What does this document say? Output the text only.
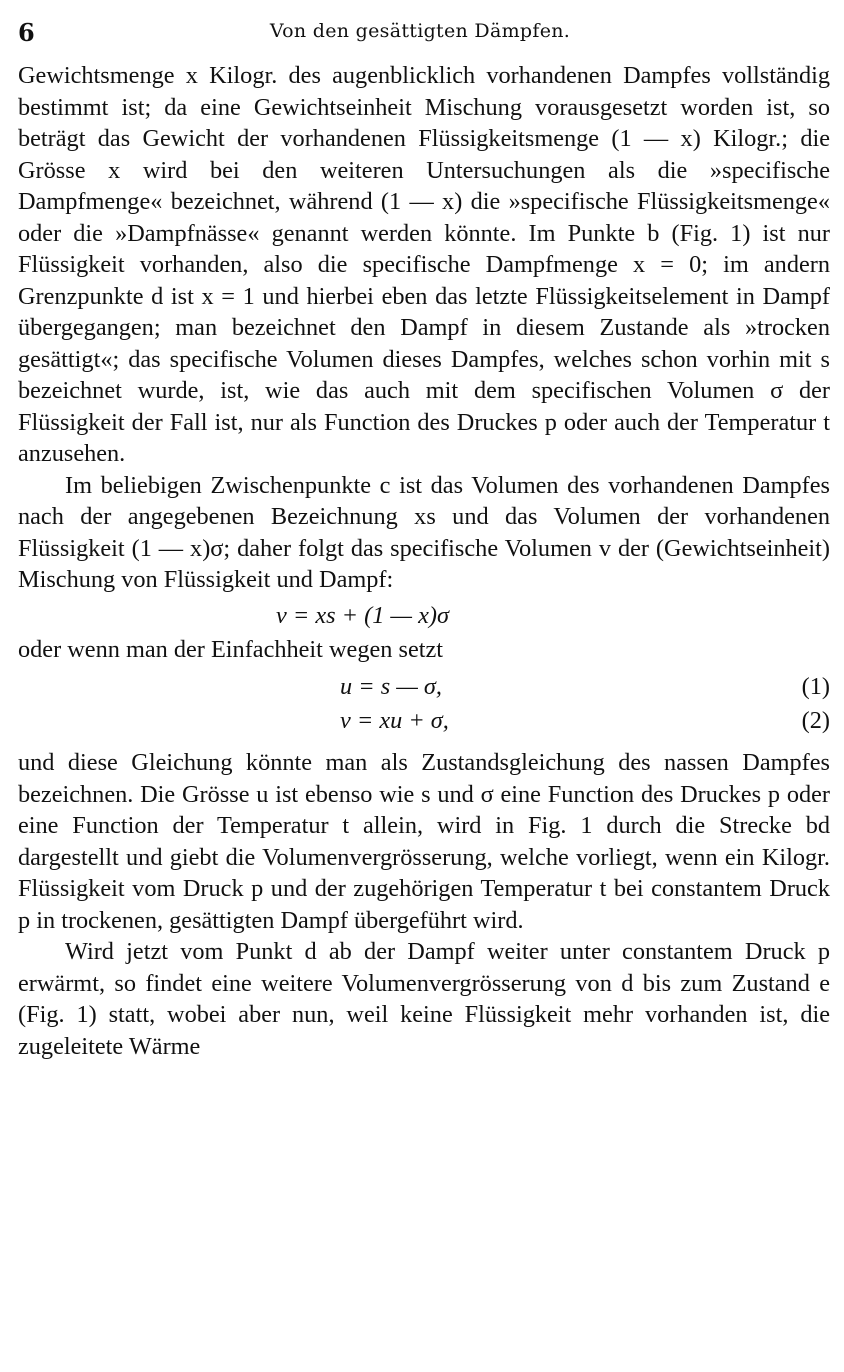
6	Von den gesättigten Dämpfen.

Gewichtsmenge x Kilogr. des augenblicklich vorhandenen Dampfes vollständig bestimmt ist; da eine Gewichtseinheit Mischung vorausgesetzt worden ist, so beträgt das Gewicht der vorhandenen Flüssigkeitsmenge (1 — x) Kilogr.; die Grösse x wird bei den weiteren Untersuchungen als die »specifische Dampfmenge« bezeichnet, während (1 — x) die »specifische Flüssigkeitsmenge« oder die »Dampfnässe« genannt werden könnte. Im Punkte b (Fig. 1) ist nur Flüssigkeit vorhanden, also die specifische Dampfmenge x = 0; im andern Grenzpunkte d ist x = 1 und hierbei eben das letzte Flüssigkeitselement in Dampf übergegangen; man bezeichnet den Dampf in diesem Zustande als »trocken gesättigt«; das specifische Volumen dieses Dampfes, welches schon vorhin mit s bezeichnet wurde, ist, wie das auch mit dem specifischen Volumen σ der Flüssigkeit der Fall ist, nur als Function des Druckes p oder auch der Temperatur t anzusehen.

Im beliebigen Zwischenpunkte c ist das Volumen des vorhandenen Dampfes nach der angegebenen Bezeichnung xs und das Volumen der vorhandenen Flüssigkeit (1 — x)σ; daher folgt das specifische Volumen v der (Gewichtseinheit) Mischung von Flüssigkeit und Dampf:

v = xs + (1 — x)σ

oder wenn man der Einfachheit wegen setzt

u = s — σ,	(1)
v = xu + σ,	(2)

und diese Gleichung könnte man als Zustandsgleichung des nassen Dampfes bezeichnen. Die Grösse u ist ebenso wie s und σ eine Function des Druckes p oder eine Function der Temperatur t allein, wird in Fig. 1 durch die Strecke bd dargestellt und giebt die Volumenvergrösserung, welche vorliegt, wenn ein Kilogr. Flüssigkeit vom Druck p und der zugehörigen Temperatur t bei constantem Druck p in trockenen, gesättigten Dampf übergeführt wird.

Wird jetzt vom Punkt d ab der Dampf weiter unter constantem Druck p erwärmt, so findet eine weitere Volumenvergrösserung von d bis zum Zustand e (Fig. 1) statt, wobei aber nun, weil keine Flüssigkeit mehr vorhanden ist, die zugeleitete Wärme
